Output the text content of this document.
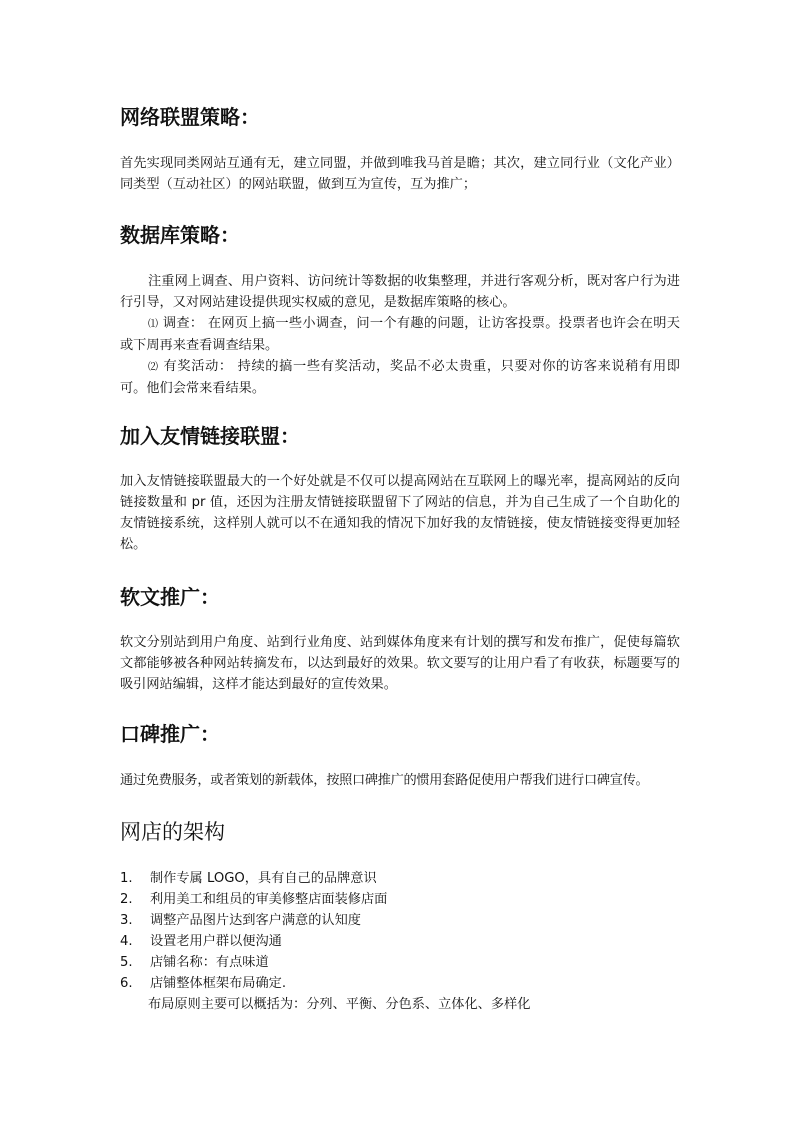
网络联盟策略：

首先实现同类网站互通有无，建立同盟，并做到唯我马首是瞻；其次，建立同行业（文化产业）同类型（互动社区）的网站联盟，做到互为宣传，互为推广；

数据库策略：

注重网上调查、用户资料、访问统计等数据的收集整理，并进行客观分析，既对客户行为进行引导，又对网站建设提供现实权威的意见，是数据库策略的核心。

⑴ 调查： 在网页上搞一些小调查，问一个有趣的问题，让访客投票。投票者也许会在明天或下周再来查看调查结果。

⑵ 有奖活动： 持续的搞一些有奖活动，奖品不必太贵重，只要对你的访客来说稍有用即可。他们会常来看结果。

加入友情链接联盟：

加入友情链接联盟最大的一个好处就是不仅可以提高网站在互联网上的曝光率，提高网站的反向链接数量和 pr 值，还因为注册友情链接联盟留下了网站的信息，并为自己生成了一个自助化的友情链接系统，这样别人就可以不在通知我的情况下加好我的友情链接，使友情链接变得更加轻松。

软文推广：

软文分别站到用户角度、站到行业角度、站到媒体角度来有计划的撰写和发布推广，促使每篇软文都能够被各种网站转摘发布，以达到最好的效果。软文要写的让用户看了有收获，标题要写的吸引网站编辑，这样才能达到最好的宣传效果。

口碑推广：

通过免费服务，或者策划的新载体，按照口碑推广的惯用套路促使用户帮我们进行口碑宣传。

网店的架构
1. 制作专属 LOGO，具有自己的品牌意识
2. 利用美工和组员的审美修整店面装修店面
3. 调整产品图片达到客户满意的认知度
4. 设置老用户群以便沟通
5. 店铺名称：有点味道
6. 店铺整体框架布局确定.

布局原则主要可以概括为：分列、平衡、分色系、立体化、多样化
